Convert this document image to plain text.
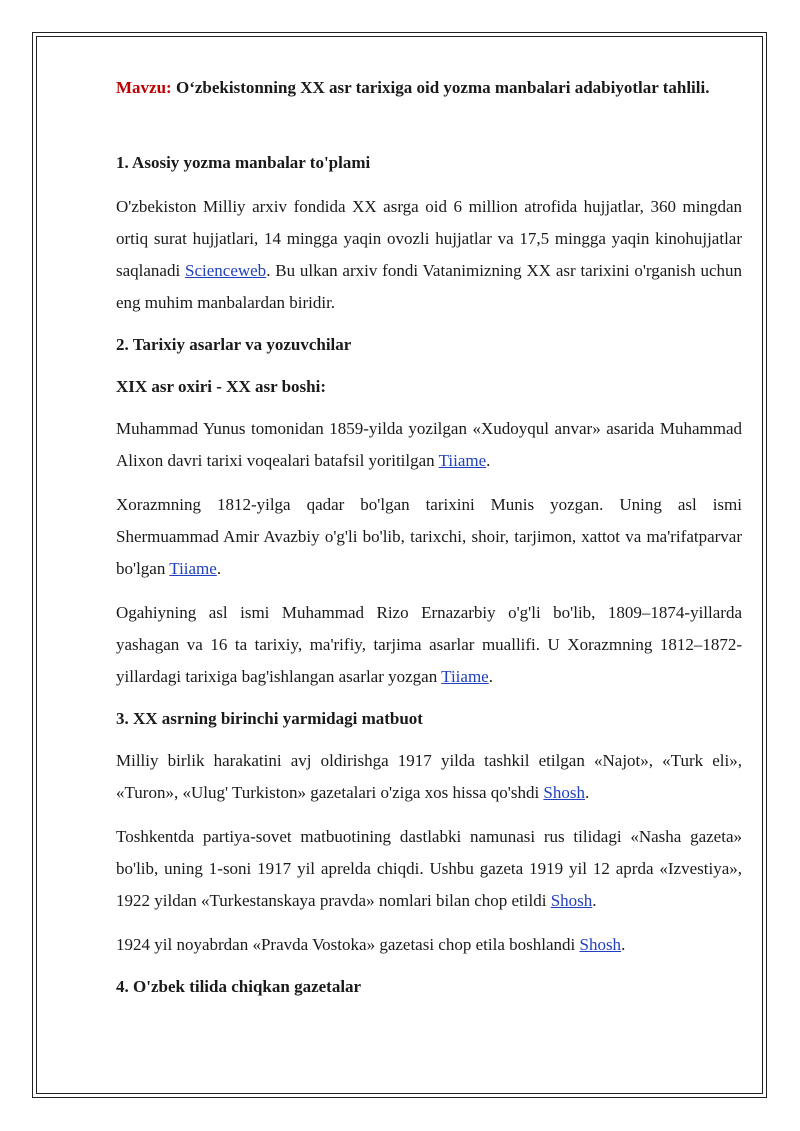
Mavzu: O‘zbekistonning XX asr tarixiga oid yozma manbalari adabiyotlar tahlili.

1. Asosiy yozma manbalar to'plami

O'zbekiston Milliy arxiv fondida XX asrga oid 6 million atrofida hujjatlar, 360 mingdan ortiq surat hujjatlari, 14 mingga yaqin ovozli hujjatlar va 17,5 mingga yaqin kinohujjatlar saqlanadi Scienceweb. Bu ulkan arxiv fondi Vatanimizning XX asr tarixini o'rganish uchun eng muhim manbalardan biridir.

2. Tarixiy asarlar va yozuvchilar

XIX asr oxiri - XX asr boshi:

Muhammad Yunus tomonidan 1859-yilda yozilgan «Xudoyqul anvar» asarida Muhammad Alixon davri tarixi voqealari batafsil yoritilgan Tiiame.

Xorazmning 1812-yilga qadar bo'lgan tarixini Munis yozgan. Uning asl ismi Shermuammad Amir Avazbiy o'g'li bo'lib, tarixchi, shoir, tarjimon, xattot va ma'rifatparvar bo'lgan Tiiame.

Ogahiyning asl ismi Muhammad Rizo Ernazarbiy o'g'li bo'lib, 1809–1874-yillarda yashagan va 16 ta tarixiy, ma'rifiy, tarjima asarlar muallifi. U Xorazmning 1812–1872-yillardagi tarixiga bag'ishlangan asarlar yozgan Tiiame.

3. XX asrning birinchi yarmidagi matbuot

Milliy birlik harakatini avj oldirishga 1917 yilda tashkil etilgan «Najot», «Turk eli», «Turon», «Ulug' Turkiston» gazetalari o'ziga xos hissa qo'shdi Shosh.

Toshkentda partiya-sovet matbuotining dastlabki namunasi rus tilidagi «Nasha gazeta» bo'lib, uning 1-soni 1917 yil aprelda chiqdi. Ushbu gazeta 1919 yil 12 aprda «Izvestiya», 1922 yildan «Turkestanskaya pravda» nomlari bilan chop etildi Shosh.

1924 yil noyabrdan «Pravda Vostoka» gazetasi chop etila boshlandi Shosh.

4. O'zbek tilida chiqkan gazetalar
